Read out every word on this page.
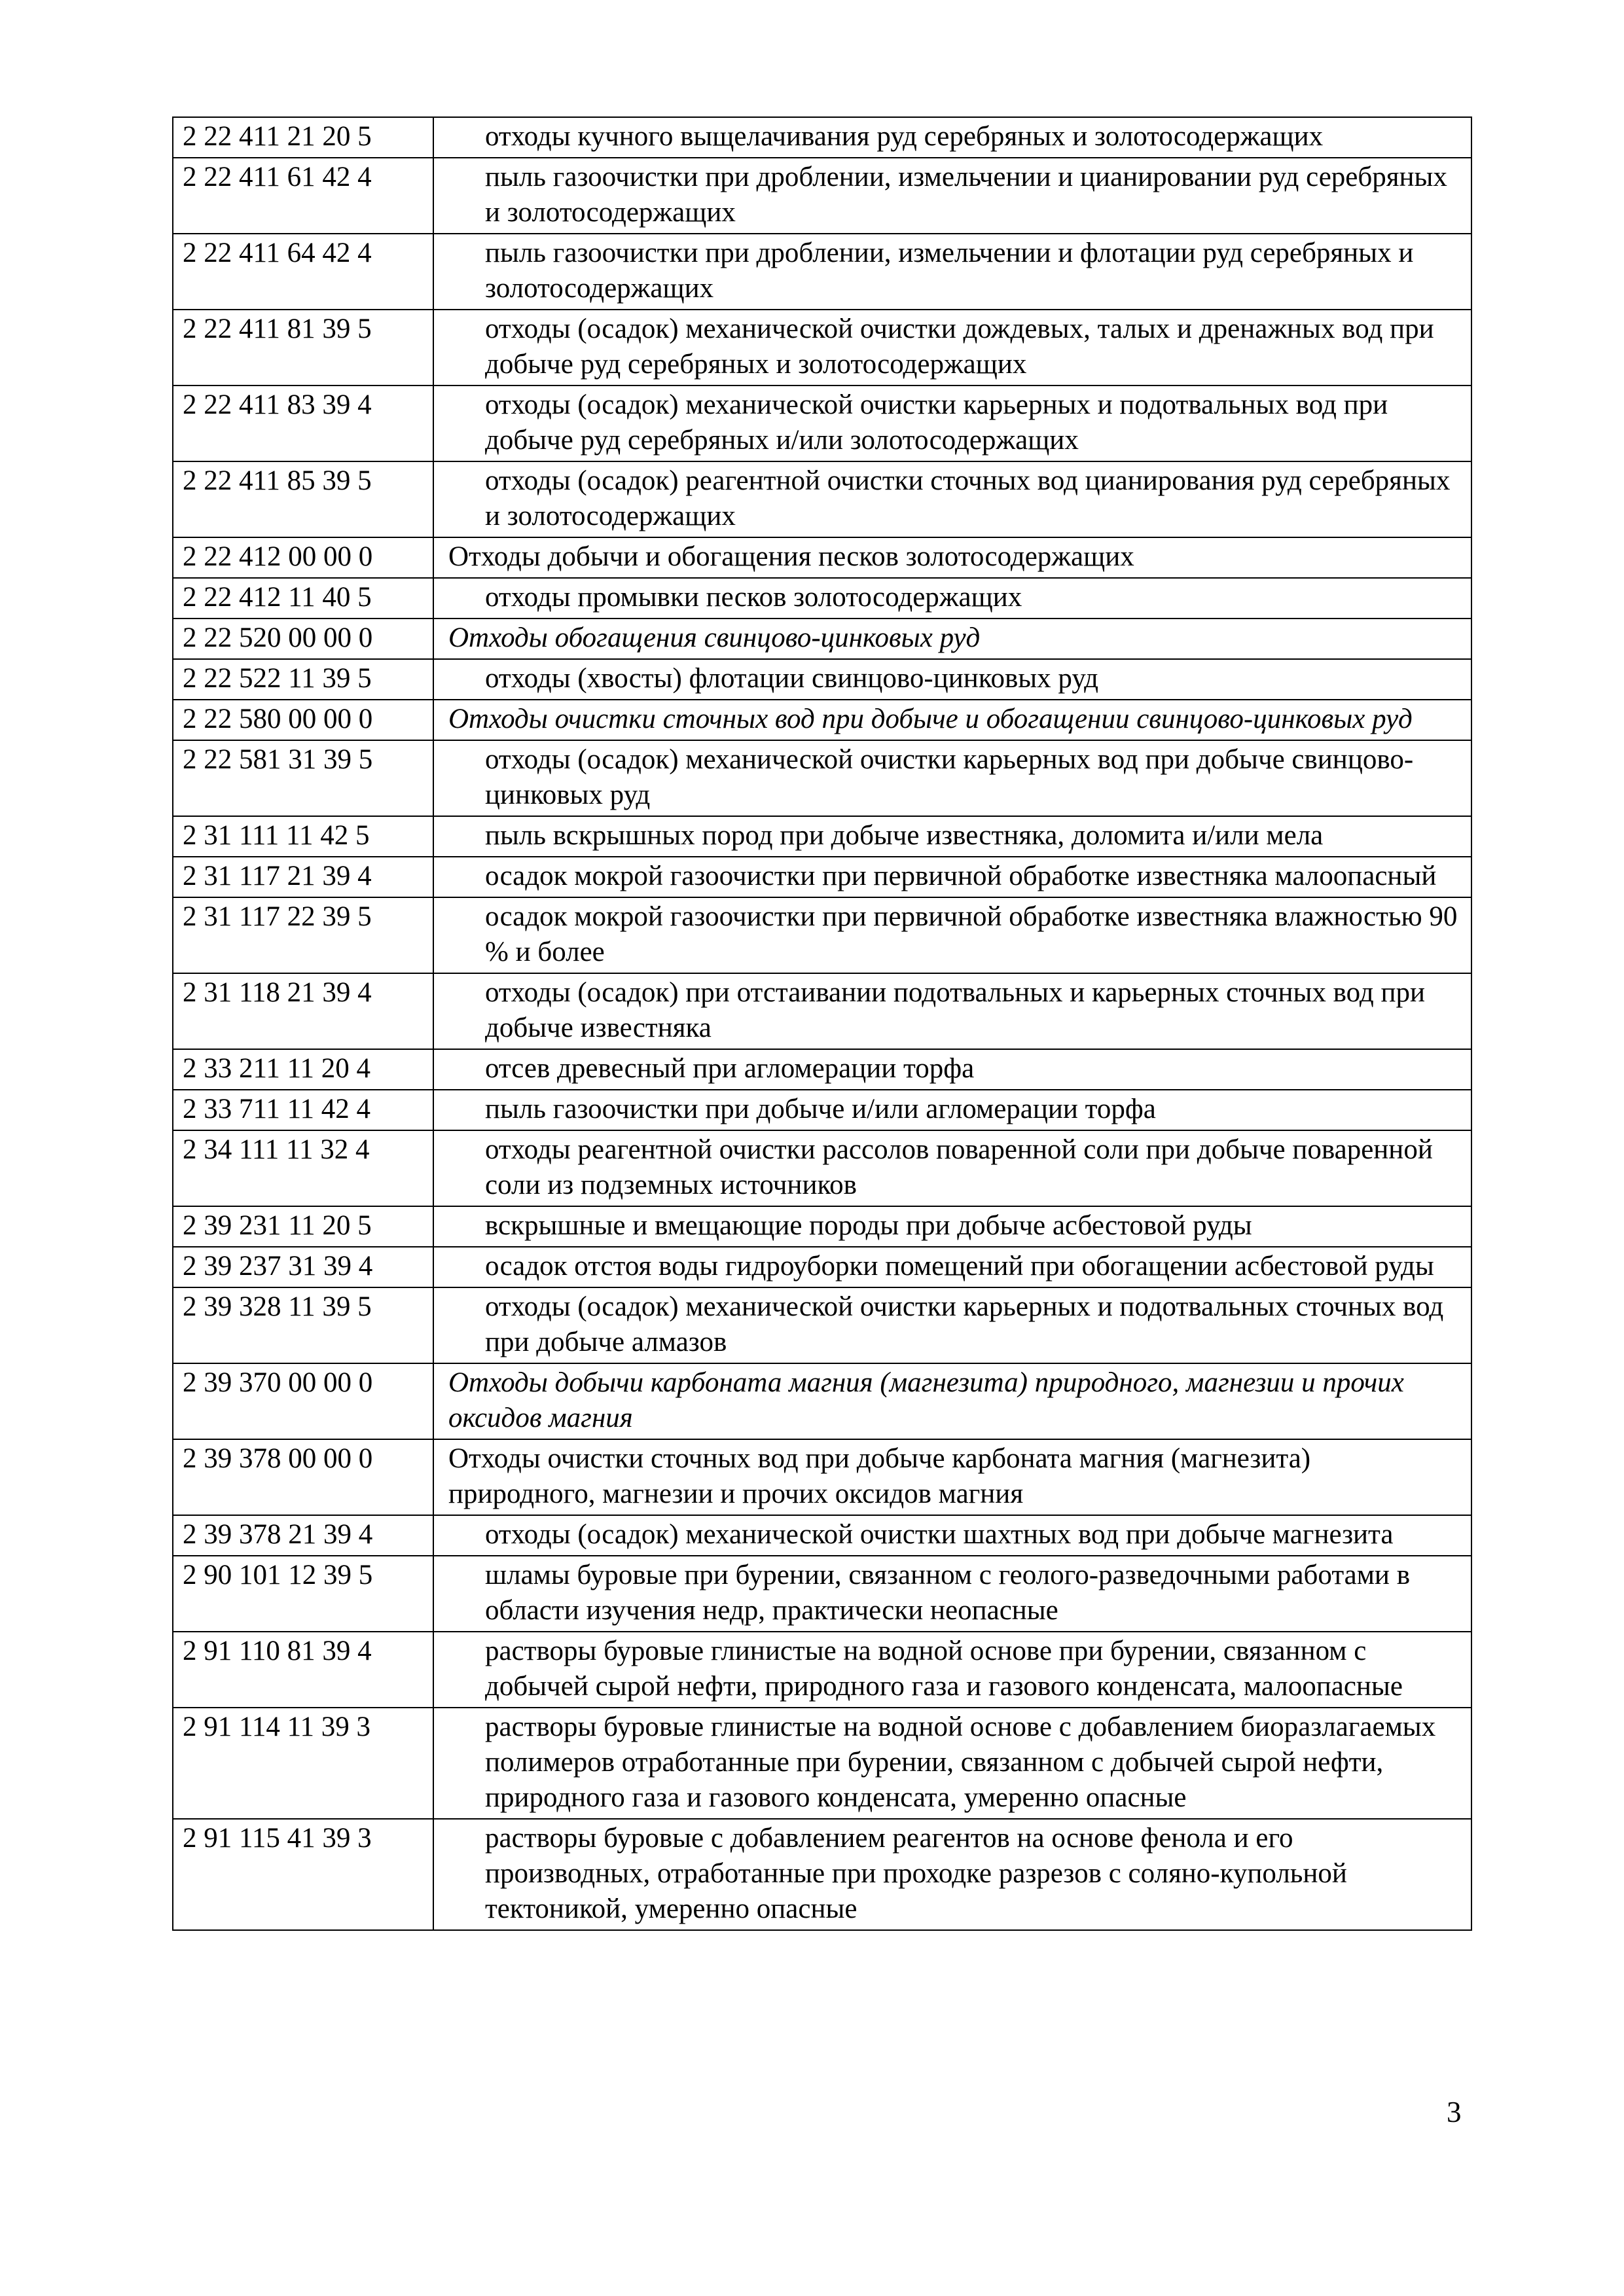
2 22 411 21 20 5	отходы кучного выщелачивания руд серебряных и золотосодержащих
2 22 411 61 42 4	пыль газоочистки при дроблении, измельчении и цианировании руд серебряных и золотосодержащих
2 22 411 64 42 4	пыль газоочистки при дроблении, измельчении и флотации руд серебряных и золотосодержащих
2 22 411 81 39 5	отходы (осадок) механической очистки дождевых, талых и дренажных вод при добыче руд серебряных и золотосодержащих
2 22 411 83 39 4	отходы (осадок) механической очистки карьерных и подотвальных вод при добыче руд серебряных и/или золотосодержащих
2 22 411 85 39 5	отходы (осадок) реагентной очистки сточных вод цианирования руд серебряных и золотосодержащих
2 22 412 00 00 0	Отходы добычи и обогащения песков золотосодержащих
2 22 412 11 40 5	отходы промывки песков золотосодержащих
2 22 520 00 00 0	Отходы обогащения свинцово-цинковых руд
2 22 522 11 39 5	отходы (хвосты) флотации свинцово-цинковых руд
2 22 580 00 00 0	Отходы очистки сточных вод при добыче и обогащении свинцово-цинковых руд
2 22 581 31 39 5	отходы (осадок) механической очистки карьерных вод при добыче свинцово-цинковых руд
2 31 111 11 42 5	пыль вскрышных пород при добыче известняка, доломита и/или мела
2 31 117 21 39 4	осадок мокрой газоочистки при первичной обработке известняка малоопасный
2 31 117 22 39 5	осадок мокрой газоочистки при первичной обработке известняка влажностью 90 % и более
2 31 118 21 39 4	отходы (осадок) при отстаивании подотвальных и карьерных сточных вод при добыче известняка
2 33 211 11 20 4	отсев древесный при агломерации торфа
2 33 711 11 42 4	пыль газоочистки при добыче и/или агломерации торфа
2 34 111 11 32 4	отходы реагентной очистки рассолов поваренной соли при добыче поваренной соли из подземных источников
2 39 231 11 20 5	вскрышные и вмещающие породы при добыче асбестовой руды
2 39 237 31 39 4	осадок отстоя воды гидроуборки помещений при обогащении асбестовой руды
2 39 328 11 39 5	отходы (осадок) механической очистки карьерных и подотвальных сточных вод при добыче алмазов
2 39 370 00 00 0	Отходы добычи карбоната магния (магнезита) природного, магнезии и прочих оксидов магния
2 39 378 00 00 0	Отходы очистки сточных вод при добыче карбоната магния (магнезита) природного, магнезии и прочих оксидов магния
2 39 378 21 39 4	отходы (осадок) механической очистки шахтных вод при добыче магнезита
2 90 101 12 39 5	шламы буровые при бурении, связанном с геолого-разведочными работами в области изучения недр, практически неопасные
2 91 110 81 39 4	растворы буровые глинистые на водной основе при бурении, связанном с добычей сырой нефти, природного газа и газового конденсата, малоопасные
2 91 114 11 39 3	растворы буровые глинистые на водной основе с добавлением биоразлагаемых полимеров отработанные при бурении, связанном с добычей сырой нефти, природного газа и газового конденсата, умеренно опасные
2 91 115 41 39 3	растворы буровые с добавлением реагентов на основе фенола и его производных, отработанные при проходке разрезов с соляно-купольной тектоникой, умеренно опасные
3
